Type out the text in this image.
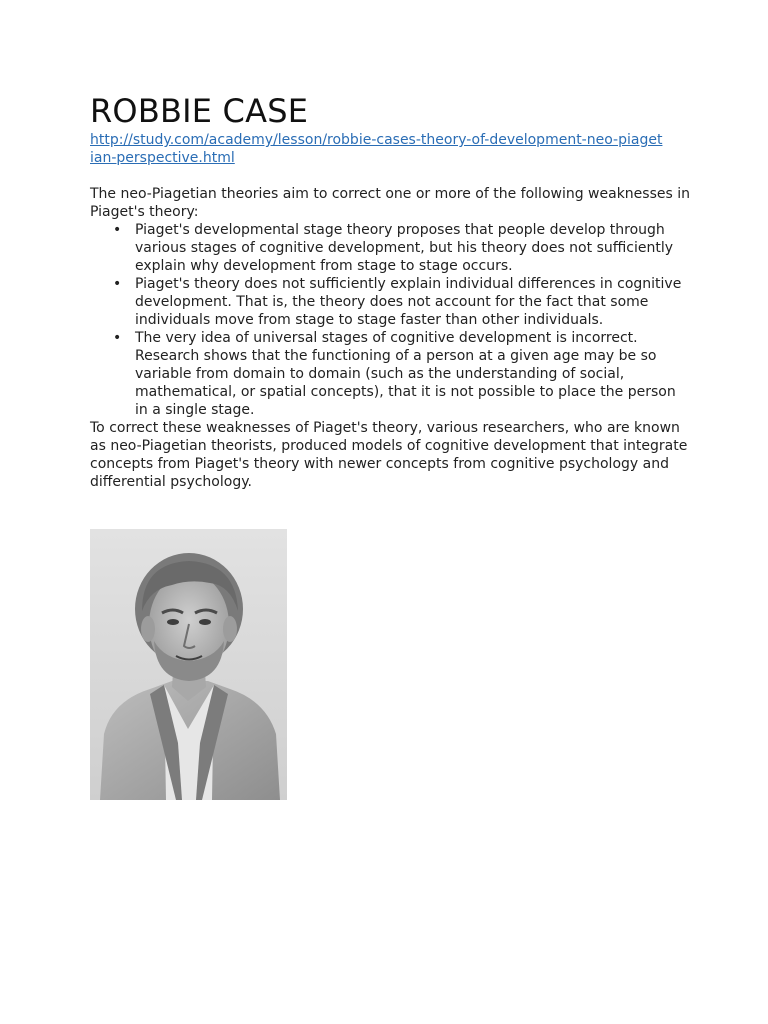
ROBBIE CASE
http://study.com/academy/lesson/robbie-cases-theory-of-development-neo-piagetian-perspective.html

The neo-Piagetian theories aim to correct one or more of the following weaknesses in Piaget's theory:

• Piaget's developmental stage theory proposes that people develop through various stages of cognitive development, but his theory does not sufficiently explain why development from stage to stage occurs.
• Piaget's theory does not sufficiently explain individual differences in cognitive development. That is, the theory does not account for the fact that some individuals move from stage to stage faster than other individuals.
• The very idea of universal stages of cognitive development is incorrect. Research shows that the functioning of a person at a given age may be so variable from domain to domain (such as the understanding of social, mathematical, or spatial concepts), that it is not possible to place the person in a single stage.

To correct these weaknesses of Piaget's theory, various researchers, who are known as neo-Piagetian theorists, produced models of cognitive development that integrate concepts from Piaget's theory with newer concepts from cognitive psychology and differential psychology.
